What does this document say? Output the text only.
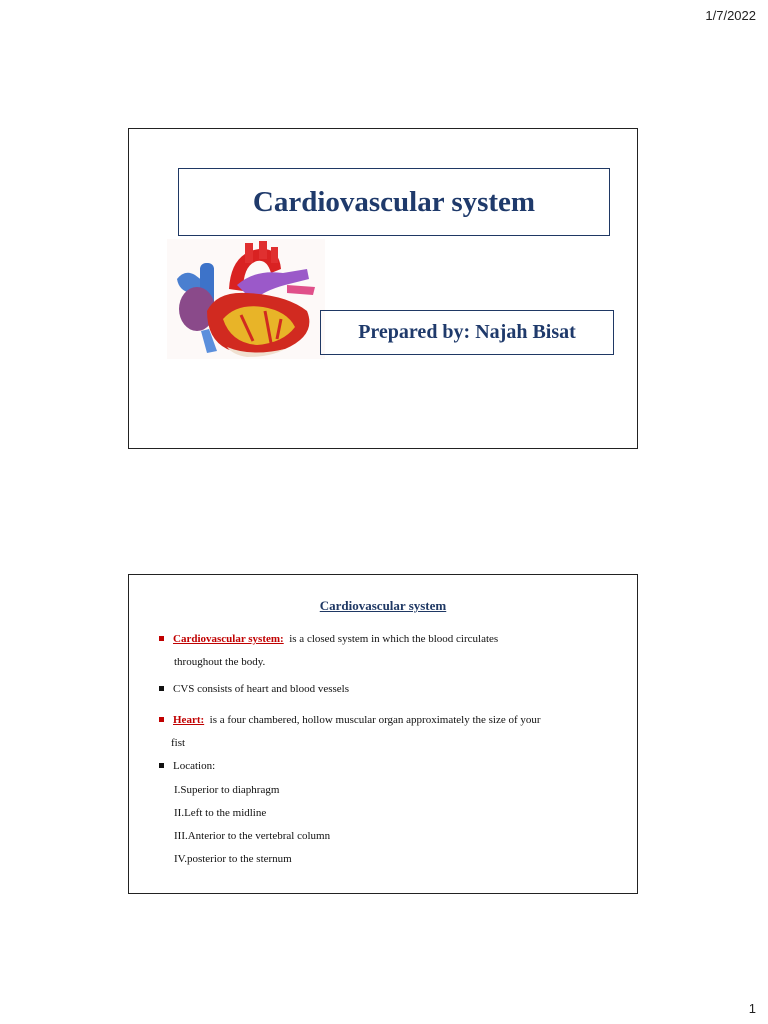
1/7/2022
Cardiovascular system
Prepared by: Najah Bisat
Cardiovascular system
Cardiovascular system: is a closed system in which the blood circulates
throughout the body.
CVS consists of heart and blood vessels
Heart: is a four chambered, hollow muscular organ approximately the size of your
fist
Location:
I.Superior to diaphragm
II.Left to the midline
III.Anterior to the vertebral column
IV.posterior to the sternum
1
